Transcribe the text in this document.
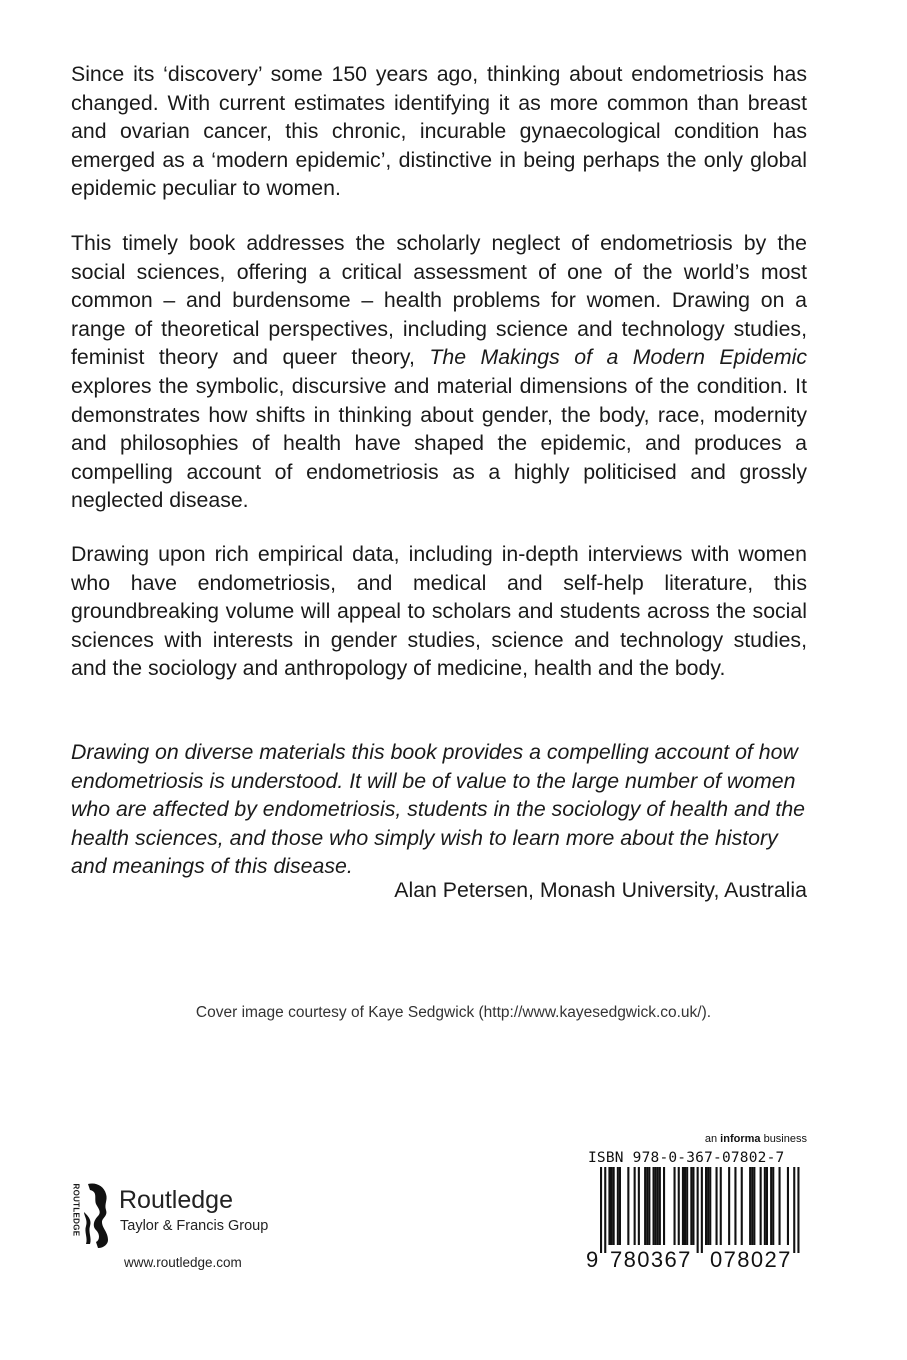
Since its ‘discovery’ some 150 years ago, thinking about endometriosis has changed. With current estimates identifying it as more common than breast and ovarian cancer, this chronic, incurable gynaecological condition has emerged as a ‘modern epidemic’, distinctive in being perhaps the only global epidemic peculiar to women.

This timely book addresses the scholarly neglect of endometriosis by the social sciences, offering a critical assessment of one of the world’s most common – and burdensome – health problems for women. Drawing on a range of theoretical perspectives, including science and technology studies, feminist theory and queer theory, The Makings of a Modern Epidemic explores the symbolic, discursive and material dimensions of the condition. It demonstrates how shifts in thinking about gender, the body, race, modernity and philosophies of health have shaped the epidemic, and produces a compelling account of endometriosis as a highly politicised and grossly neglected disease.

Drawing upon rich empirical data, including in-depth interviews with women who have endometriosis, and medical and self-help literature, this groundbreaking volume will appeal to scholars and students across the social sciences with interests in gender studies, science and technology studies, and the sociology and anthropology of medicine, health and the body.

Drawing on diverse materials this book provides a compelling account of how endometriosis is understood. It will be of value to the large number of women who are affected by endometriosis, students in the sociology of health and the health sciences, and those who simply wish to learn more about the history and meanings of this disease.

Alan Petersen, Monash University, Australia

Cover image courtesy of Kaye Sedgwick (http://www.kayesedgwick.co.uk/).
ROUTLEDGE Routledge
Taylor & Francis Group
www.routledge.com
an informa business
ISBN 978-0-367-07802-7
9 780367 078027
